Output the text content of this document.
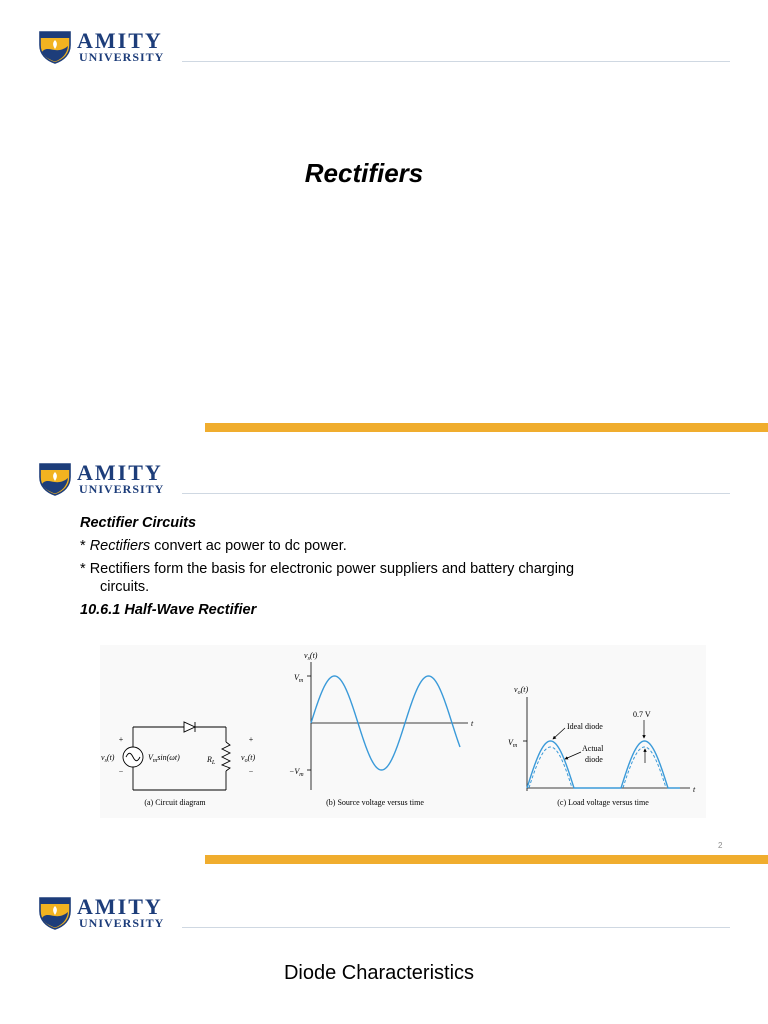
AMITY
UNIVERSITY
Rectifiers
AMITY
UNIVERSITY
Rectifier Circuits
* Rectifiers convert ac power to dc power.
* Rectifiers form the basis for electronic power suppliers and battery charging
circuits.
10.6.1 Half-Wave Rectifier
+
−
$v_s(t)$	$V_m\sin(\omega t)$	$R_L$
+
$v_o(t)$
−
(a) Circuit diagram
$v_s(t)$
$V_m$
$-V_m$
t
(b) Source voltage versus time
$v_o(t)$
$V_m$
t
Ideal diode
Actual
diode
0.7 V
(c) Load voltage versus time
2
AMITY
UNIVERSITY
Diode Characteristics
